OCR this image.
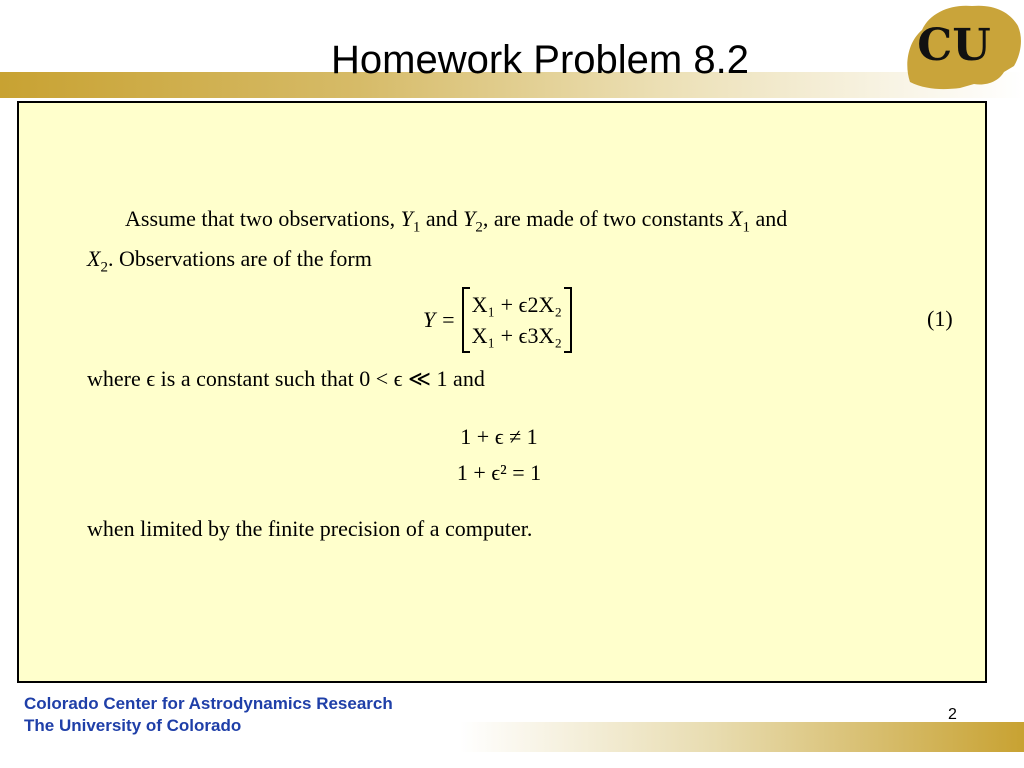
Homework Problem 8.2	CU
Assume that two observations, $Y_1$ and $Y_2$, are made of two constants $X_1$ and
$X_2$. Observations are of the form
Y =
X₁ + ϵ2X₂
X₁ + ϵ3X₂
(1)
where ϵ is a constant such that 0 < ϵ ≪ 1 and
1 + ϵ ≠ 1
1 + ϵ² = 1
when limited by the finite precision of a computer.
Colorado Center for Astrodynamics Research
The University of Colorado
2
